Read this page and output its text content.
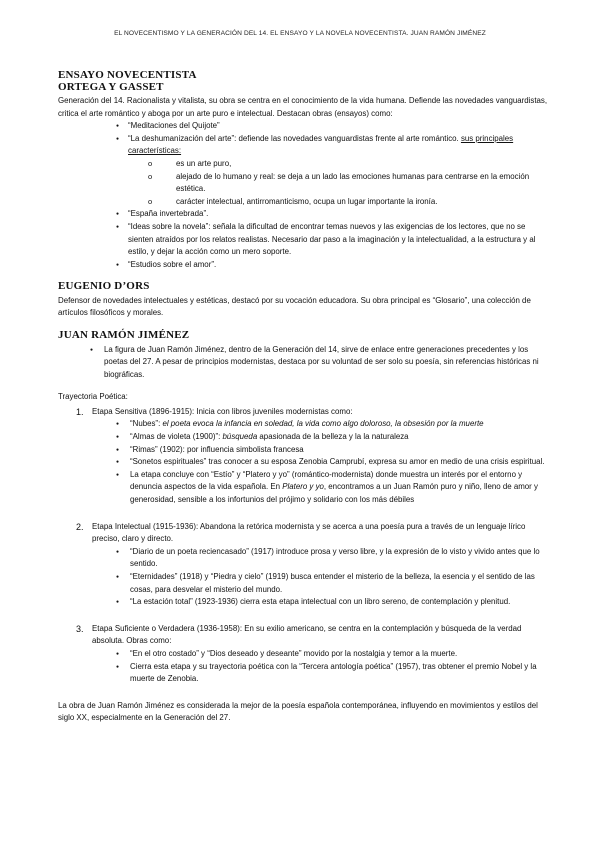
EL NOVECENTISMO Y LA GENERACIÓN DEL 14. EL ENSAYO Y LA NOVELA NOVECENTISTA. JUAN RAMÓN JIMÉNEZ
ENSAYO NOVECENTISTA
ORTEGA Y GASSET

Generación del 14. Racionalista y vitalista, su obra se centra en el conocimiento de la vida humana. Defiende las novedades vanguardistas, critica el arte romántico y aboga por un arte puro e intelectual. Destacan obras (ensayos) como:

● “Meditaciones del Quijote”
● “La deshumanización del arte”: defiende las novedades vanguardistas frente al arte romántico. sus principales características:
o es un arte puro,
o alejado de lo humano y real: se deja a un lado las emociones humanas para centrarse en la emoción estética.
o carácter intelectual, antirromanticismo, ocupa un lugar importante la ironía.
● “España invertebrada”.
● “Ideas sobre la novela”: señala la dificultad de encontrar temas nuevos y las exigencias de los lectores, que no se sienten atraídos por los relatos realistas. Necesario dar paso a la imaginación y la intelectualidad, a la estructura y al estilo, y dejar la acción como un mero soporte.
● “Estudios sobre el amor”.
EUGENIO D’ORS

Defensor de novedades intelectuales y estéticas, destacó por su vocación educadora. Su obra principal es “Glosario”, una colección de artículos filosóficos y morales.

JUAN RAMÓN JIMÉNEZ
● La figura de Juan Ramón Jiménez, dentro de la Generación del 14, sirve de enlace entre generaciones precedentes y los poetas del 27. A pesar de principios modernistas, destaca por su voluntad de ser solo su poesía, sin referencias históricas ni biográficas.

Trayectoria Poética:

1. Etapa Sensitiva (1896-1915): Inicia con libros juveniles modernistas como:
● “Nubes”: el poeta evoca la infancia en soledad, la vida como algo doloroso, la obsesión por la muerte
● “Almas de violeta (1900)”: búsqueda apasionada de la belleza y la la naturaleza
● “Rimas” (1902): por influencia simbolista francesa
● “Sonetos espirituales” tras conocer a su esposa Zenobia Camprubí, expresa su amor en medio de una crisis espiritual.
● La etapa concluye con “Estío” y “Platero y yo” (romántico-modernista) donde muestra un interés por el entorno y denuncia aspectos de la vida española. En Platero y yo, encontramos a un Juan Ramón puro y niño, lleno de amor y generosidad, sensible a los infortunios del prójimo y solidario con los más débiles
2. Etapa Intelectual (1915-1936): Abandona la retórica modernista y se acerca a una poesía pura a través de un lenguaje lírico preciso, claro y directo.
● “Diario de un poeta reciencasado” (1917) introduce prosa y verso libre, y la expresión de lo visto y vivido antes que lo sentido.
● “Eternidades” (1918) y “Piedra y cielo” (1919) busca entender el misterio de la belleza, la esencia y el sentido de las cosas, para desvelar el misterio del mundo.
● “La estación total” (1923-1936) cierra esta etapa intelectual con un libro sereno, de contemplación y plenitud.
3. Etapa Suficiente o Verdadera (1936-1958): En su exilio americano, se centra en la contemplación y búsqueda de la verdad absoluta. Obras como:
● “En el otro costado” y “Dios deseado y deseante” movido por la nostalgia y temor a la muerte.
● Cierra esta etapa y su trayectoria poética con la “Tercera antología poética” (1957), tras obtener el premio Nobel y la muerte de Zenobia.

La obra de Juan Ramón Jiménez es considerada la mejor de la poesía española contemporánea, influyendo en movimientos y estilos del siglo XX, especialmente en la Generación del 27.
